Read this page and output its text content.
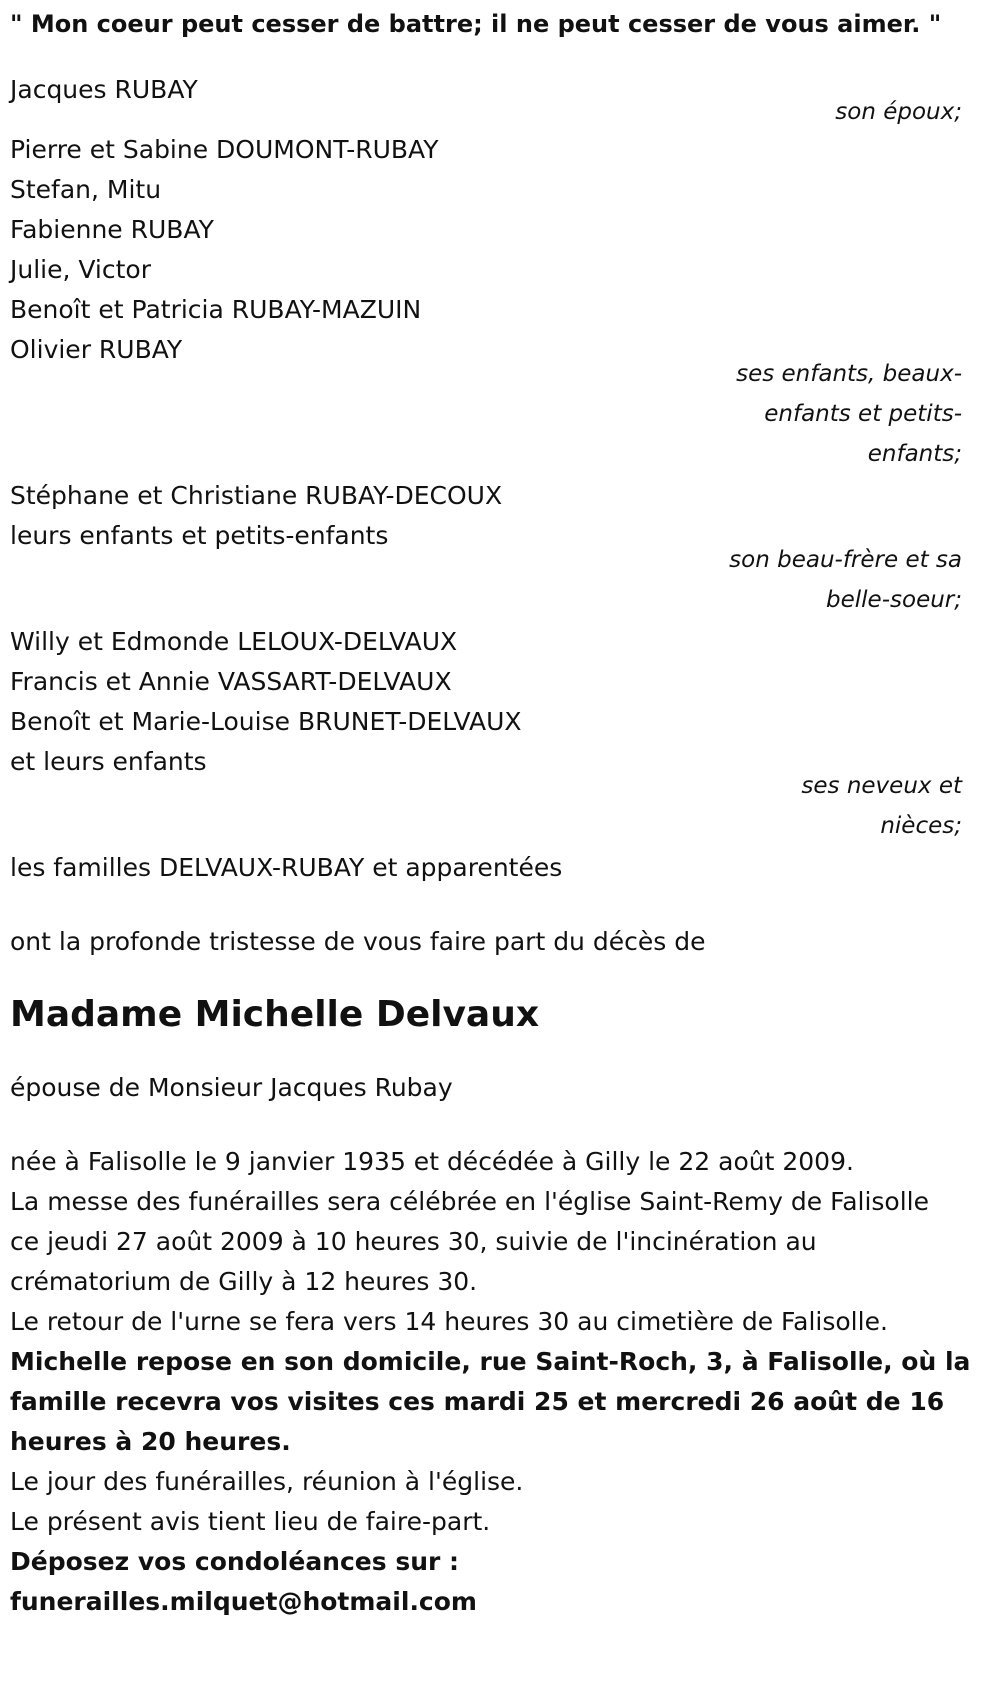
" Mon coeur peut cesser de battre; il ne peut cesser de vous aimer. "
Jacques RUBAY
son époux;
Pierre et Sabine DOUMONT-RUBAY
Stefan, Mitu
Fabienne RUBAY
Julie, Victor
Benoît et Patricia RUBAY-MAZUIN
Olivier RUBAY
ses enfants, beaux-
enfants et petits-
enfants;
Stéphane et Christiane RUBAY-DECOUX
leurs enfants et petits-enfants
son beau-frère et sa
belle-soeur;
Willy et Edmonde LELOUX-DELVAUX
Francis et Annie VASSART-DELVAUX
Benoît et Marie-Louise BRUNET-DELVAUX
et leurs enfants
ses neveux et
nièces;
les familles DELVAUX-RUBAY et apparentées
ont la profonde tristesse de vous faire part du décès de
Madame Michelle Delvaux
épouse de Monsieur Jacques Rubay
née à Falisolle le 9 janvier 1935 et décédée à Gilly le 22 août 2009.
La messe des funérailles sera célébrée en l'église Saint-Remy de Falisolle
ce jeudi 27 août 2009 à 10 heures 30, suivie de l'incinération au
crématorium de Gilly à 12 heures 30.
Le retour de l'urne se fera vers 14 heures 30 au cimetière de Falisolle.
Michelle repose en son domicile, rue Saint-Roch, 3, à Falisolle, où la
famille recevra vos visites ces mardi 25 et mercredi 26 août de 16
heures à 20 heures.
Le jour des funérailles, réunion à l'église.
Le présent avis tient lieu de faire-part.
Déposez vos condoléances sur :
funerailles.milquet@hotmail.com
